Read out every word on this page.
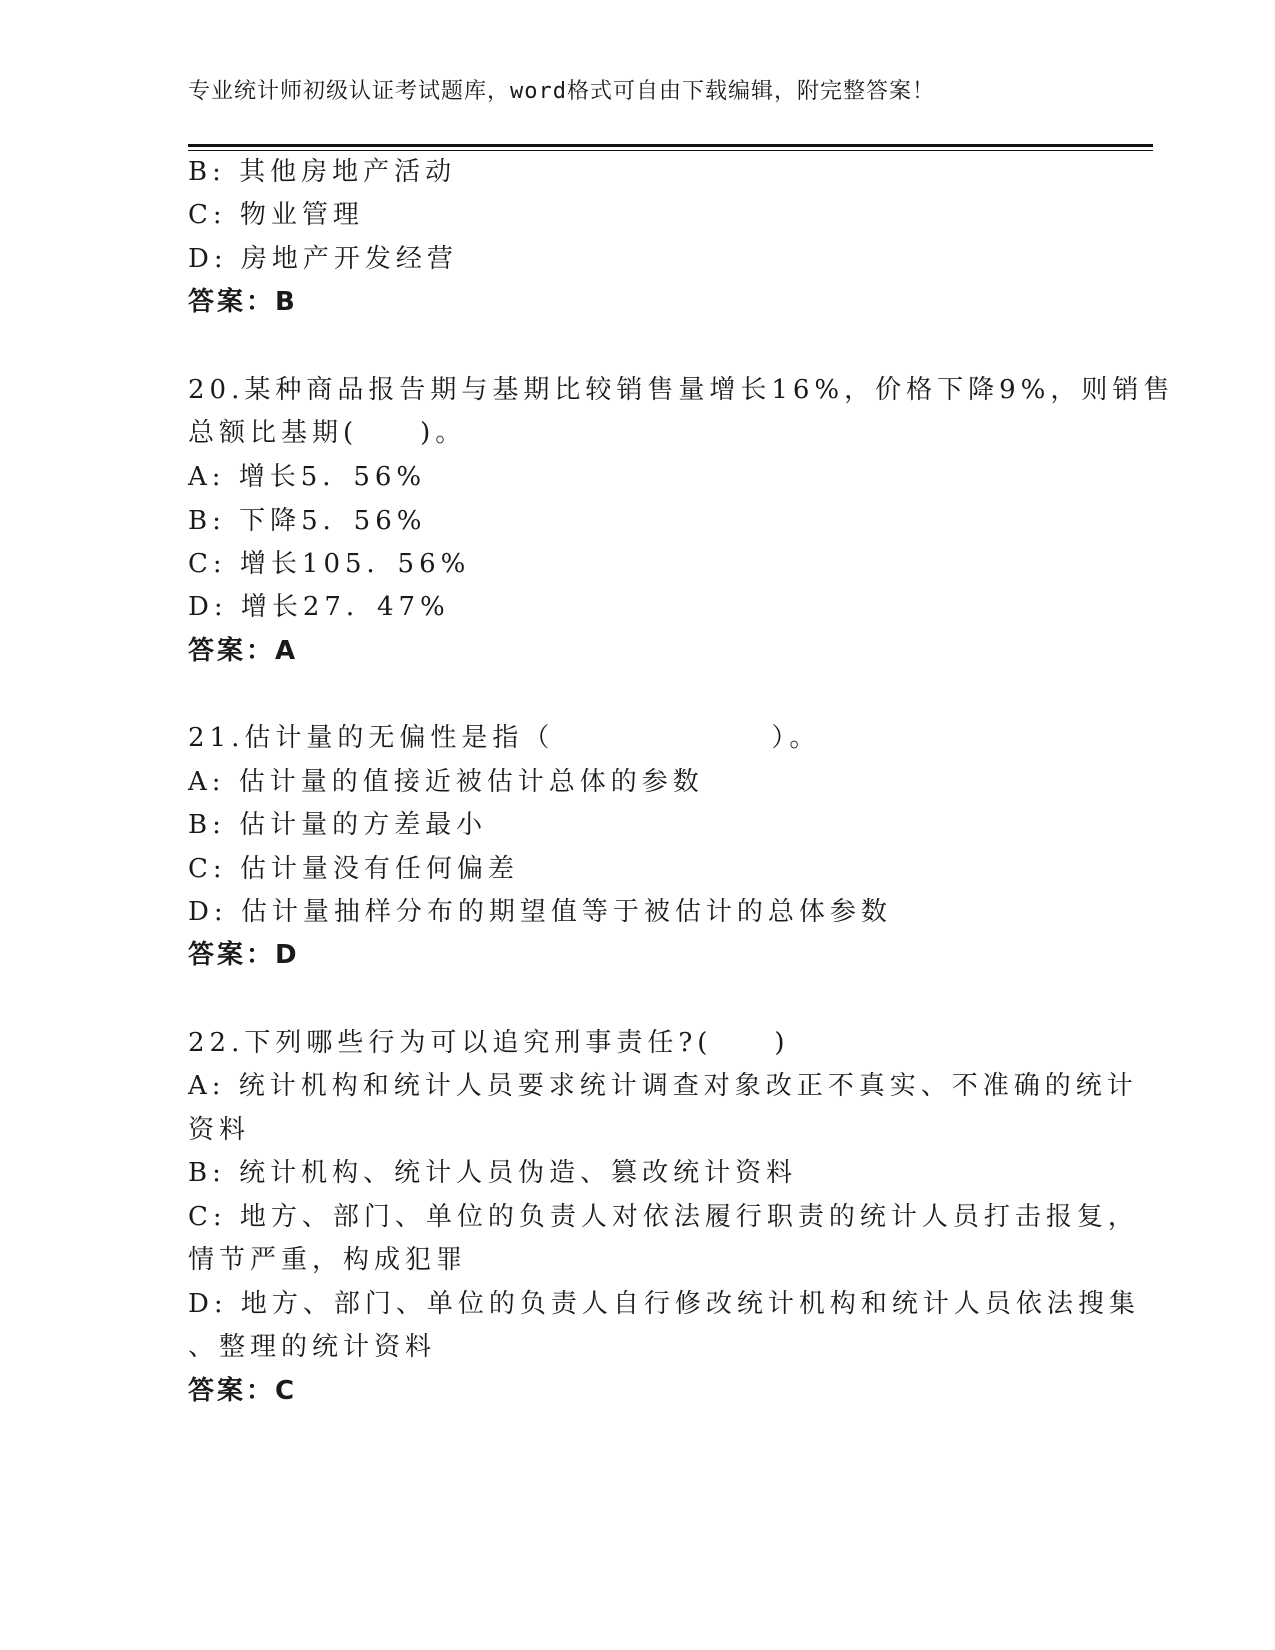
专业统计师初级认证考试题库，word格式可自由下载编辑，附完整答案！
B: 其他房地产活动
C: 物业管理
D: 房地产开发经营
答案：B
20.某种商品报告期与基期比较销售量增长16%，价格下降9%，则销售
总额比基期(　　)。
A: 增长5．56%
B: 下降5．56%
C: 增长105．56%
D: 增长27．47%
答案：A
21.估计量的无偏性是指（　　　　　　　）。
A: 估计量的值接近被估计总体的参数
B: 估计量的方差最小
C: 估计量没有任何偏差
D: 估计量抽样分布的期望值等于被估计的总体参数
答案：D
22.下列哪些行为可以追究刑事责任?(　　)
A: 统计机构和统计人员要求统计调查对象改正不真实、不准确的统计
资料
B: 统计机构、统计人员伪造、篡改统计资料
C: 地方、部门、单位的负责人对依法履行职责的统计人员打击报复，
情节严重，构成犯罪
D: 地方、部门、单位的负责人自行修改统计机构和统计人员依法搜集
、整理的统计资料
答案：C
